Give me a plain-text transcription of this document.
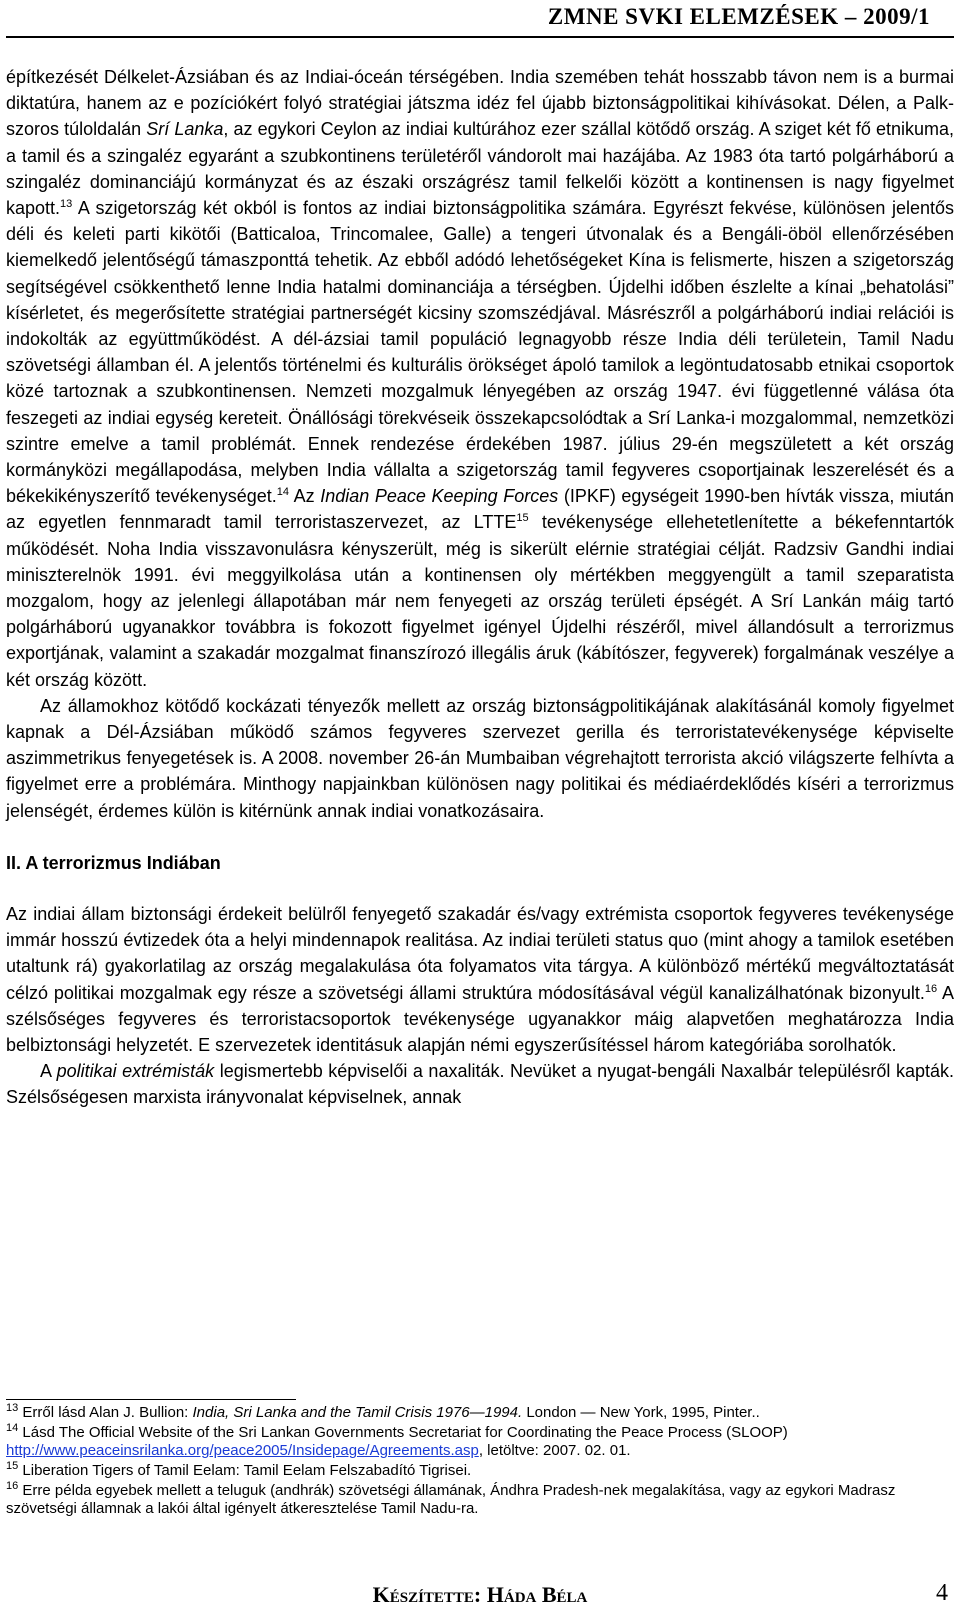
ZMNE SVKI ELEMZÉSEK – 2009/1

építkezését Délkelet-Ázsiában és az Indiai-óceán térségében. India szemében tehát hosszabb távon nem is a burmai diktatúra, hanem az e pozíciókért folyó stratégiai játszma idéz fel újabb biztonságpolitikai kihívásokat. Délen, a Palk-szoros túloldalán Srí Lanka, az egykori Ceylon az indiai kultúrához ezer szállal kötődő ország. A sziget két fő etnikuma, a tamil és a szingaléz egyaránt a szubkontinens területéről vándorolt mai hazájába. Az 1983 óta tartó polgárháború a szingaléz dominanciájú kormányzat és az északi országrész tamil felkelői között a kontinensen is nagy figyelmet kapott.$^{13}$ A szigetország két okból is fontos az indiai biztonságpolitika számára. Egyrészt fekvése, különösen jelentős déli és keleti parti kikötői (Batticaloa, Trincomalee, Galle) a tengeri útvonalak és a Bengáli-öböl ellenőrzésében kiemelkedő jelentőségű támaszponttá tehetik. Az ebből adódó lehetőségeket Kína is felismerte, hiszen a szigetország segítségével csökkenthető lenne India hatalmi dominanciája a térségben. Újdelhi időben észlelte a kínai „behatolási” kísérletet, és megerősítette stratégiai partnerségét kicsiny szomszédjával. Másrészről a polgárháború indiai relációi is indokolták az együttműködést. A dél-ázsiai tamil populáció legnagyobb része India déli területein, Tamil Nadu szövetségi államban él. A jelentős történelmi és kulturális örökséget ápoló tamilok a legöntudatosabb etnikai csoportok közé tartoznak a szubkontinensen. Nemzeti mozgalmuk lényegében az ország 1947. évi függetlenné válása óta feszegeti az indiai egység kereteit. Önállósági törekvéseik összekapcsolódtak a Srí Lanka-i mozgalommal, nemzetközi szintre emelve a tamil problémát. Ennek rendezése érdekében 1987. július 29-én megszületett a két ország kormányközi megállapodása, melyben India vállalta a szigetország tamil fegyveres csoportjainak leszerelését és a békekikényszerítő tevékenységet.$^{14}$ Az Indian Peace Keeping Forces (IPKF) egységeit 1990-ben hívták vissza, miután az egyetlen fennmaradt tamil terroristaszervezet, az LTTE$^{15}$ tevékenysége ellehetetlenítette a békefenntartók működését. Noha India visszavonulásra kényszerült, még is sikerült elérnie stratégiai célját. Radzsiv Gandhi indiai miniszterelnök 1991. évi meggyilkolása után a kontinensen oly mértékben meggyengült a tamil szeparatista mozgalom, hogy az jelenlegi állapotában már nem fenyegeti az ország területi épségét. A Srí Lankán máig tartó polgárháború ugyanakkor továbbra is fokozott figyelmet igényel Újdelhi részéről, mivel állandósult a terrorizmus exportjának, valamint a szakadár mozgalmat finanszírozó illegális áruk (kábítószer, fegyverek) forgalmának veszélye a két ország között.

Az államokhoz kötődő kockázati tényezők mellett az ország biztonságpolitikájának alakításánál komoly figyelmet kapnak a Dél-Ázsiában működő számos fegyveres szervezet gerilla és terroristatevékenysége képviselte aszimmetrikus fenyegetések is. A 2008. november 26-án Mumbaiban végrehajtott terrorista akció világszerte felhívta a figyelmet erre a problémára. Minthogy napjainkban különösen nagy politikai és médiaérdeklődés kíséri a terrorizmus jelenségét, érdemes külön is kitérnünk annak indiai vonatkozásaira.

II. A terrorizmus Indiában

Az indiai állam biztonsági érdekeit belülről fenyegető szakadár és/vagy extrémista csoportok fegyveres tevékenysége immár hosszú évtizedek óta a helyi mindennapok realitása. Az indiai területi status quo (mint ahogy a tamilok esetében utaltunk rá) gyakorlatilag az ország megalakulása óta folyamatos vita tárgya. A különböző mértékű megváltoztatását célzó politikai mozgalmak egy része a szövetségi állami struktúra módosításával végül kanalizálhatónak bizonyult.$^{16}$ A szélsőséges fegyveres és terroristacsoportok tevékenysége ugyanakkor máig alapvetően meghatározza India belbiztonsági helyzetét. E szervezetek identitásuk alapján némi egyszerűsítéssel három kategóriába sorolhatók.

A politikai extrémisták legismertebb képviselői a naxaliták. Nevüket a nyugat-bengáli Naxalbár településről kapták. Szélsőségesen marxista irányvonalat képviselnek, annak

$^{13}$ Erről lásd Alan J. Bullion: India, Sri Lanka and the Tamil Crisis 1976—1994. London — New York, 1995, Pinter..

$^{14}$ Lásd The Official Website of the Sri Lankan Governments Secretariat for Coordinating the Peace Process (SLOOP) http://www.peaceinsrilanka.org/peace2005/Insidepage/Agreements.asp, letöltve: 2007. 02. 01.

$^{15}$ Liberation Tigers of Tamil Eelam: Tamil Eelam Felszabadító Tigrisei.

$^{16}$ Erre példa egyebek mellett a teluguk (andhrák) szövetségi államának, Ándhra Pradesh-nek megalakítása, vagy az egykori Madrasz szövetségi államnak a lakói által igényelt átkeresztelése Tamil Nadu-ra.

Készítette: Háda Béla	4
